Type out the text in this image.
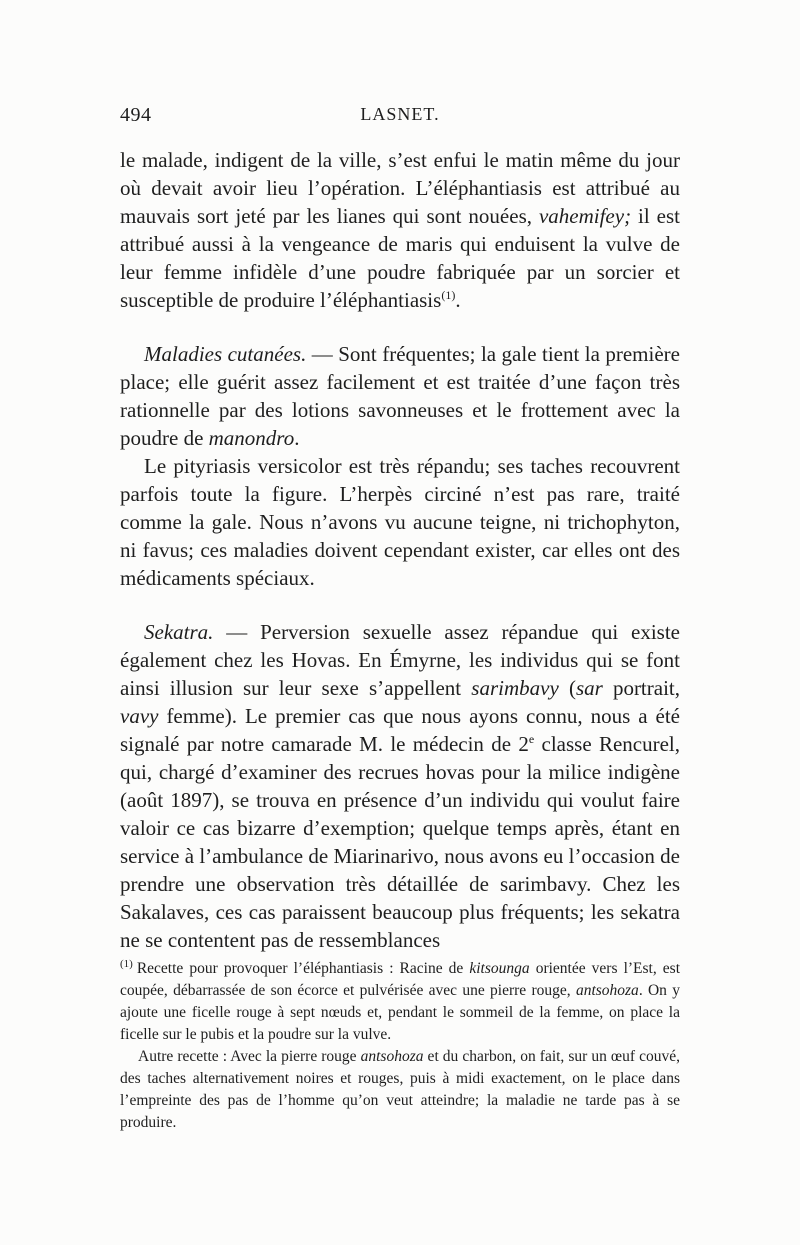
494	LASNET.

le malade, indigent de la ville, s’est enfui le matin même du jour où devait avoir lieu l’opération. L’éléphantiasis est attribué au mauvais sort jeté par les lianes qui sont nouées, vahemifey; il est attribué aussi à la vengeance de maris qui enduisent la vulve de leur femme infidèle d’une poudre fabriquée par un sorcier et susceptible de produire l’éléphantiasis$^{(1)}$.

Maladies cutanées. — Sont fréquentes; la gale tient la première place; elle guérit assez facilement et est traitée d’une façon très rationnelle par des lotions savonneuses et le frottement avec la poudre de manondro.

Le pityriasis versicolor est très répandu; ses taches recouvrent parfois toute la figure. L’herpès circiné n’est pas rare, traité comme la gale. Nous n’avons vu aucune teigne, ni trichophyton, ni favus; ces maladies doivent cependant exister, car elles ont des médicaments spéciaux.

Sekatra. — Perversion sexuelle assez répandue qui existe également chez les Hovas. En Émyrne, les individus qui se font ainsi illusion sur leur sexe s’appellent sarimbavy (sar portrait, vavy femme). Le premier cas que nous ayons connu, nous a été signalé par notre camarade M. le médecin de 2e classe Rencurel, qui, chargé d’examiner des recrues hovas pour la milice indigène (août 1897), se trouva en présence d’un individu qui voulut faire valoir ce cas bizarre d’exemption; quelque temps après, étant en service à l’ambulance de Miarinarivo, nous avons eu l’occasion de prendre une observation très détaillée de sarimbavy. Chez les Sakalaves, ces cas paraissent beaucoup plus fréquents; les sekatra ne se contentent pas de ressemblances

$^{(1)}$ Recette pour provoquer l’éléphantiasis : Racine de kitsounga orientée vers l’Est, est coupée, débarrassée de son écorce et pulvérisée avec une pierre rouge, antsohoza. On y ajoute une ficelle rouge à sept nœuds et, pendant le sommeil de la femme, on place la ficelle sur le pubis et la poudre sur la vulve.

Autre recette : Avec la pierre rouge antsohoza et du charbon, on fait, sur un œuf couvé, des taches alternativement noires et rouges, puis à midi exactement, on le place dans l’empreinte des pas de l’homme qu’on veut atteindre; la maladie ne tarde pas à se produire.
